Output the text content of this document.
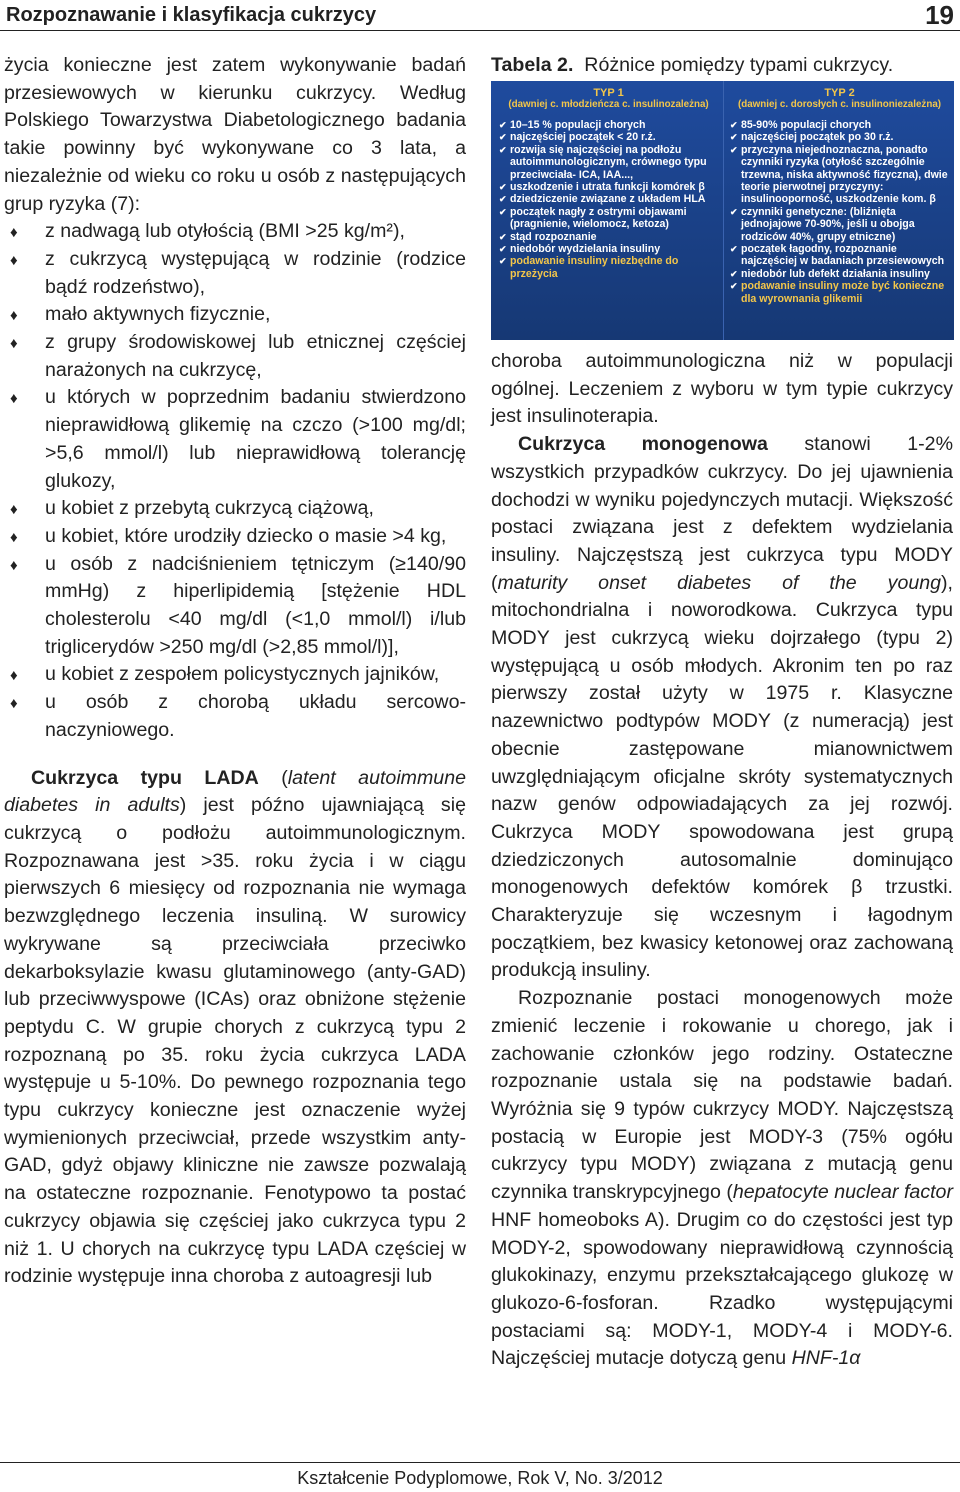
Rozpoznawanie i klasyfikacja cukrzycy	19

życia konieczne jest zatem wykonywanie badań przesiewowych w kierunku cukrzycy. Według Polskiego Towarzystwa Diabetologicznego badania takie powinny być wykonywane co 3 lata, a niezależnie od wieku co roku u osób z następujących grup ryzyka (7):

♦ z nadwagą lub otyłością (BMI >25 kg/m²),
♦ z cukrzycą występującą w rodzinie (rodzice bądź rodzeństwo),
♦ mało aktywnych fizycznie,
♦ z grupy środowiskowej lub etnicznej częściej narażonych na cukrzycę,
♦ u których w poprzednim badaniu stwierdzono nieprawidłową glikemię na czczo (>100 mg/dl; >5,6 mmol/l) lub nieprawidłową tolerancję glukozy,
♦ u kobiet z przebytą cukrzycą ciążową,
♦ u kobiet, które urodziły dziecko o masie >4 kg,
♦ u osób z nadciśnieniem tętniczym (≥140/90 mmHg) z hiperlipidemią [stężenie HDL cholesterolu <40 mg/dl (<1,0 mmol/l) i/lub triglicerydów >250 mg/dl (>2,85 mmol/l)],
♦ u kobiet z zespołem policystycznych jajników,
♦ u osób z chorobą układu sercowo-naczyniowego.

Cukrzyca typu LADA (latent autoimmune diabetes in adults) jest późno ujawniającą się cukrzycą o podłożu autoimmunologicznym. Rozpoznawana jest >35. roku życia i w ciągu pierwszych 6 miesięcy od rozpoznania nie wymaga bezwzględnego leczenia insuliną. W surowicy wykrywane są przeciwciała przeciwko dekarboksylazie kwasu glutaminowego (anty-GAD) lub przeciwwyspowe (ICAs) oraz obniżone stężenie peptydu C. W grupie chorych z cukrzycą typu 2 rozpoznaną po 35. roku życia cukrzyca LADA występuje u 5-10%. Do pewnego rozpoznania tego typu cukrzycy konieczne jest oznaczenie wyżej wymienionych przeciwciał, przede wszystkim anty-GAD, gdyż objawy kliniczne nie zawsze pozwalają na ostateczne rozpoznanie. Fenotypowo ta postać cukrzycy objawia się częściej jako cukrzyca typu 2 niż 1. U chorych na cukrzycę typu LADA częściej w rodzinie występuje inna choroba z autoagresji lub

Tabela 2. Różnice pomiędzy typami cukrzycy.
TYP 1
(dawniej c. młodzieńcza c. insulinozależna)
✔ 10–15 % populacji chorych
✔ najczęściej początek < 20 r.ż.
✔ rozwija się najczęściej na podłożu autoimmunologicznym, crównego typu przeciwciała- ICA, IAA...,
✔ uszkodzenie i utrata funkcji komórek β
✔ dziedziczenie związane z układem HLA
✔ początek nagły z ostrymi objawami (pragnienie, wielomocz, ketoza)
✔ stąd rozpoznanie
✔ niedobór wydzielania insuliny
✔ podawanie insuliny niezbędne do przeżycia
TYP 2
(dawniej c. dorosłych c. insulinoniezależna)
✔ 85-90% populacji chorych
✔ najczęściej początek po 30 r.ż.
✔ przyczyna niejednoznaczna, ponadto czynniki ryzyka (otyłość szczególnie trzewna, niska aktywność fizyczna), dwie teorie pierwotnej przyczyny: insulinooporność, uszkodzenie kom. β
✔ czynniki genetyczne: (bliźnięta jednojajowe 70-90%, jeśli u obojga rodziców 40%, grupy etniczne)
✔ początek łagodny, rozpoznanie najczęściej w badaniach przesiewowych
✔ niedobór lub defekt działania insuliny
✔ podawanie insuliny może być konieczne dla wyrownania glikemii

choroba autoimmunologiczna niż w populacji ogólnej. Leczeniem z wyboru w tym typie cukrzycy jest insulinoterapia.

Cukrzyca monogenowa stanowi 1-2% wszystkich przypadków cukrzycy. Do jej ujawnienia dochodzi w wyniku pojedynczych mutacji. Większość postaci związana jest z defektem wydzielania insuliny. Najczęstszą jest cukrzyca typu MODY (maturity onset diabetes of the young), mitochondrialna i noworodkowa. Cukrzyca typu MODY jest cukrzycą wieku dojrzałego (typu 2) występującą u osób młodych. Akronim ten po raz pierwszy został użyty w 1975 r. Klasyczne nazewnictwo podtypów MODY (z numeracją) jest obecnie zastępowane mianownictwem uwzględniającym oficjalne skróty systematycznych nazw genów odpowiadających za jej rozwój. Cukrzyca MODY spowodowana jest grupą dziedziczonych autosomalnie dominująco monogenowych defektów komórek β trzustki. Charakteryzuje się wczesnym i łagodnym początkiem, bez kwasicy ketonowej oraz zachowaną produkcją insuliny.

Rozpoznanie postaci monogenowych może zmienić leczenie i rokowanie u chorego, jak i zachowanie członków jego rodziny. Ostateczne rozpoznanie ustala się na podstawie badań. Wyróżnia się 9 typów cukrzycy MODY. Najczęstszą postacią w Europie jest MODY-3 (75% ogółu cukrzycy typu MODY) związana z mutacją genu czynnika transkrypcyjnego (hepatocyte nuclear factor HNF homeoboks A). Drugim co do częstości jest typ MODY-2, spowodowany nieprawidłową czynnością glukokinazy, enzymu przekształcającego glukozę w glukozo-6-fosforan. Rzadko występującymi postaciami są: MODY-1, MODY-4 i MODY-6. Najczęściej mutacje dotyczą genu HNF-1α

Kształcenie Podyplomowe, Rok V, No. 3/2012
